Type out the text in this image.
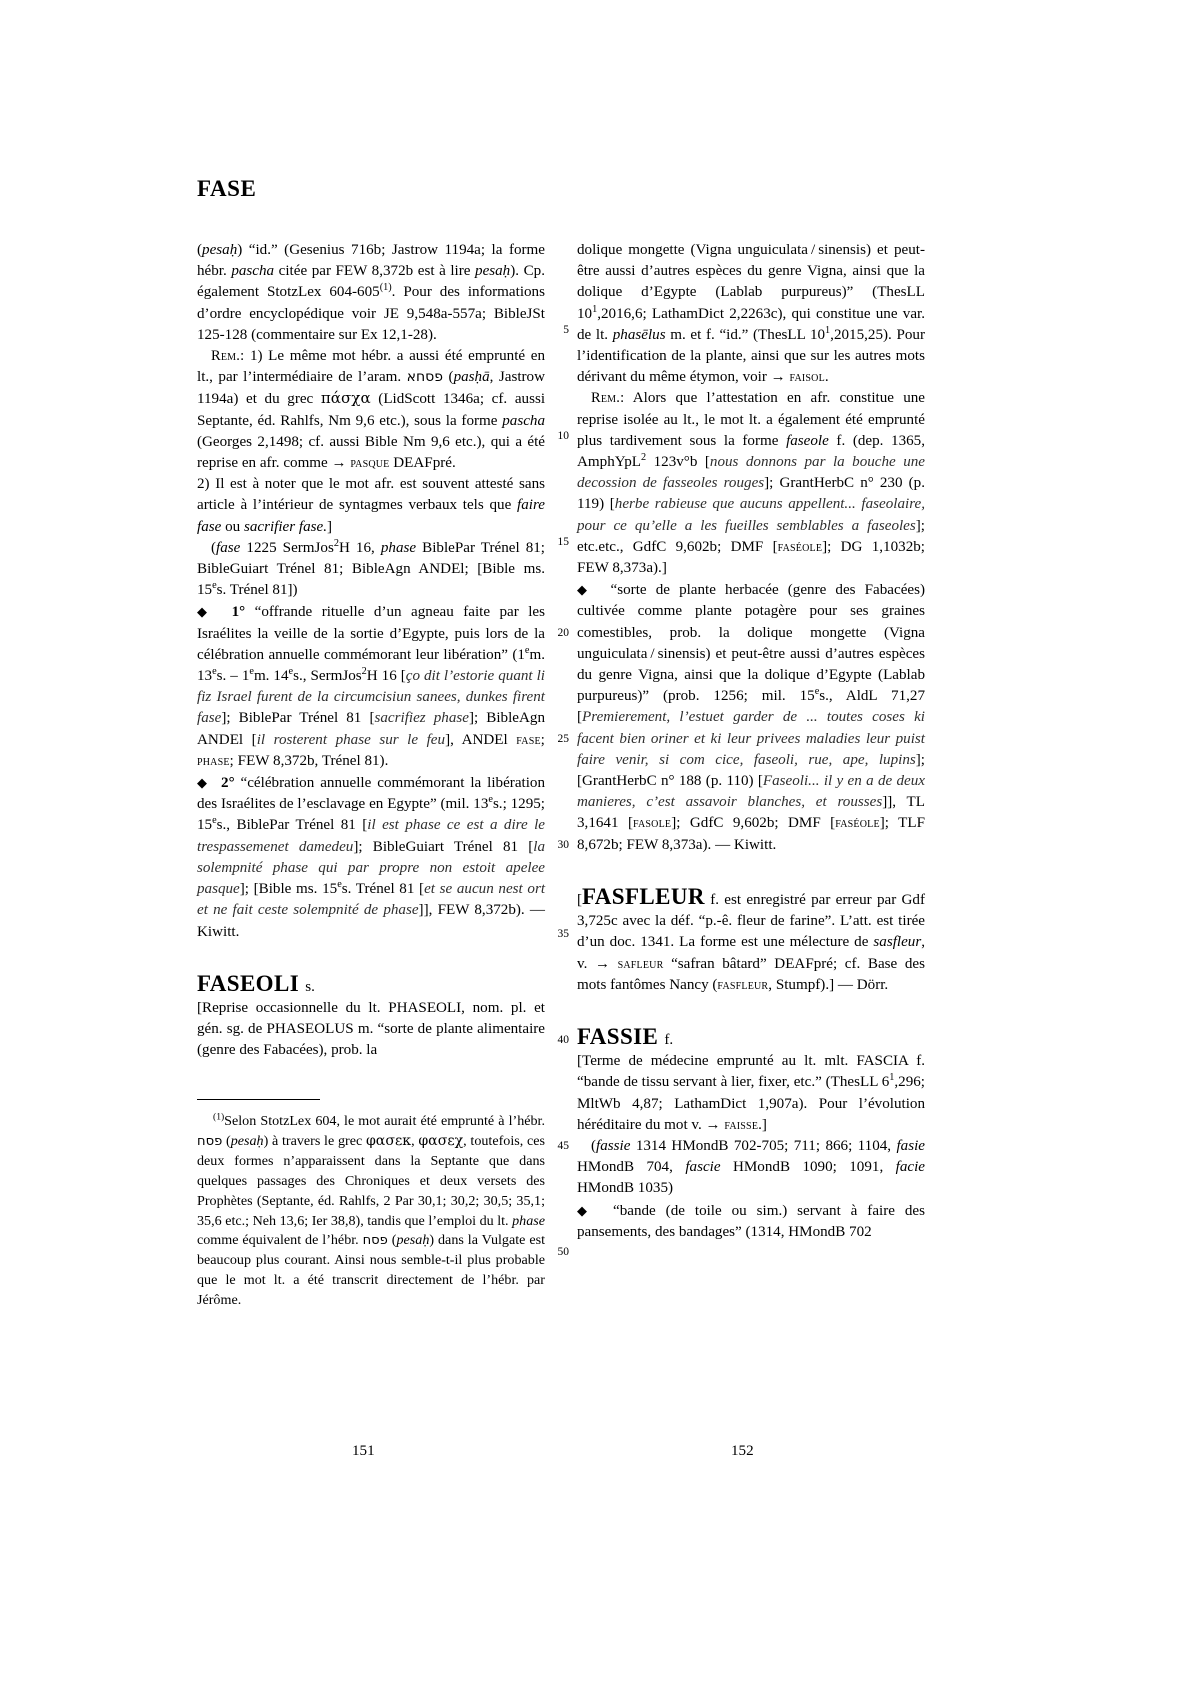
FASE

(pesaḥ) “id.” (Gesenius 716b; Jastrow 1194a; la forme hébr. pascha citée par FEW 8,372b est à lire pesaḥ). Cp. également StotzLex 604-605$^{(1)}$. Pour des informations d’ordre encyclopédique voir JE 9,548a-557a; BibleJSt 125-128 (commentaire sur Ex 12,1-28).

Rem.: 1) Le même mot hébr. a aussi été emprunté en lt., par l’intermédiaire de l’aram. פסחא (pasḥā, Jastrow 1194a) et du grec πάσχα (LidScott 1346a; cf. aussi Septante, éd. Rahlfs, Nm 9,6 etc.), sous la forme pascha (Georges 2,1498; cf. aussi Bible Nm 9,6 etc.), qui a été reprise en afr. comme → pasque DEAFpré.

2) Il est à noter que le mot afr. est souvent attesté sans article à l’intérieur de syntagmes verbaux tels que faire fase ou sacrifier fase.]

(fase 1225 SermJos$^2$H 16, phase BiblePar Trénel 81; BibleGuiart Trénel 81; BibleAgn ANDEl; [Bible ms. 15es. Trénel 81])

◆ 1° “offrande rituelle d’un agneau faite par les Israélites la veille de la sortie d’Egypte, puis lors de la célébration annuelle commémorant leur libération” (1em. 13es. – 1em. 14es., SermJos$^2$H 16 [ço dit l’estorie quant li fiz Israel furent de la circumcisiun sanees, dunkes firent fase]; BiblePar Trénel 81 [sacrifiez phase]; BibleAgn ANDEl [il rosterent phase sur le feu], ANDEl fase; phase; FEW 8,372b, Trénel 81).

◆ 2° “célébration annuelle commémorant la libération des Israélites de l’esclavage en Egypte” (mil. 13es.; 1295; 15es., BiblePar Trénel 81 [il est phase ce est a dire le trespassemenet damedeu]; BibleGuiart Trénel 81 [la solempnité phase qui par propre non estoit apelee pasque]; [Bible ms. 15es. Trénel 81 [et se aucun nest ort et ne fait ceste solempnité de phase]], FEW 8,372b). — Kiwitt.

FASEOLI s.

[Reprise occasionnelle du lt. PHASEOLI, nom. pl. et gén. sg. de PHASEOLUS m. “sorte de plante alimentaire (genre des Fabacées), prob. la

$^{(1)}$Selon StotzLex 604, le mot aurait été emprunté à l’hébr. פסח (pesaḥ) à travers le grec φασεκ, φασεχ, toutefois, ces deux formes n’apparaissent dans la Septante que dans quelques passages des Chroniques et deux versets des Prophètes (Septante, éd. Rahlfs, 2 Par 30,1; 30,2; 30,5; 35,1; 35,6 etc.; Neh 13,6; Ier 38,8), tandis que l’emploi du lt. phase comme équivalent de l’hébr. פסח (pesaḥ) dans la Vulgate est beaucoup plus courant. Ainsi nous semble-t-il plus probable que le mot lt. a été transcrit directement de l’hébr. par Jérôme.

5
10
15
20
25
30
35
40
45
50

dolique mongette (Vigna unguiculata / sinensis) et peut-être aussi d’autres espèces du genre Vigna, ainsi que la dolique d’Egypte (Lablab purpureus)” (ThesLL $10^1,2016,6$; LathamDict 2,2263c), qui constitue une var. de lt. phasēlus m. et f. “id.” (ThesLL $10^1,2015,25$). Pour l’identification de la plante, ainsi que sur les autres mots dérivant du même étymon, voir → faisol.

Rem.: Alors que l’attestation en afr. constitue une reprise isolée au lt., le mot lt. a également été emprunté plus tardivement sous la forme faseole f. (dep. 1365, AmphYpL$^2$ 123v°b [nous donnons par la bouche une decossion de fasseoles rouges]; GrantHerbC n° 230 (p. 119) [herbe rabieuse que aucuns appellent... faseolaire, pour ce qu’elle a les fueilles semblables a faseoles]; etc.etc., GdfC 9,602b; DMF [faséole]; DG 1,1032b; FEW 8,373a).]

◆  “sorte de plante herbacée (genre des Fabacées) cultivée comme plante potagère pour ses graines comestibles, prob. la dolique mongette (Vigna unguiculata / sinensis) et peut-être aussi d’autres espèces du genre Vigna, ainsi que la dolique d’Egypte (Lablab purpureus)” (prob. 1256; mil. 15es., AldL 71,27 [Premierement, l’estuet garder de ... toutes coses ki facent bien oriner et ki leur privees maladies leur puist faire venir, si com cice, faseoli, rue, ape, lupins]; [GrantHerbC n° 188 (p. 110) [Faseoli... il y en a de deux manieres, c’est assavoir blanches, et rousses]], TL 3,1641 [fasole]; GdfC 9,602b; DMF [faséole]; TLF 8,672b; FEW 8,373a). — Kiwitt.

[FASFLEUR f. est enregistré par erreur par Gdf 3,725c avec la déf. “p.-ê. fleur de farine”. L’att. est tirée d’un doc. 1341. La forme est une mélecture de sasfleur, v. → safleur “safran bâtard” DEAFpré; cf. Base des mots fantômes Nancy (fasfleur, Stumpf).] — Dörr.

FASSIE f.

[Terme de médecine emprunté au lt. mlt. FASCIA f. “bande de tissu servant à lier, fixer, etc.” (ThesLL $6^1,296$; MltWb 4,87; LathamDict 1,907a). Pour l’évolution héréditaire du mot v. → faisse.]

(fassie 1314 HMondB 702-705; 711; 866; 1104, fasie HMondB 704, fascie HMondB 1090; 1091, facie HMondB 1035)

◆  “bande (de toile ou sim.) servant à faire des pansements, des bandages” (1314, HMondB 702

151	152
